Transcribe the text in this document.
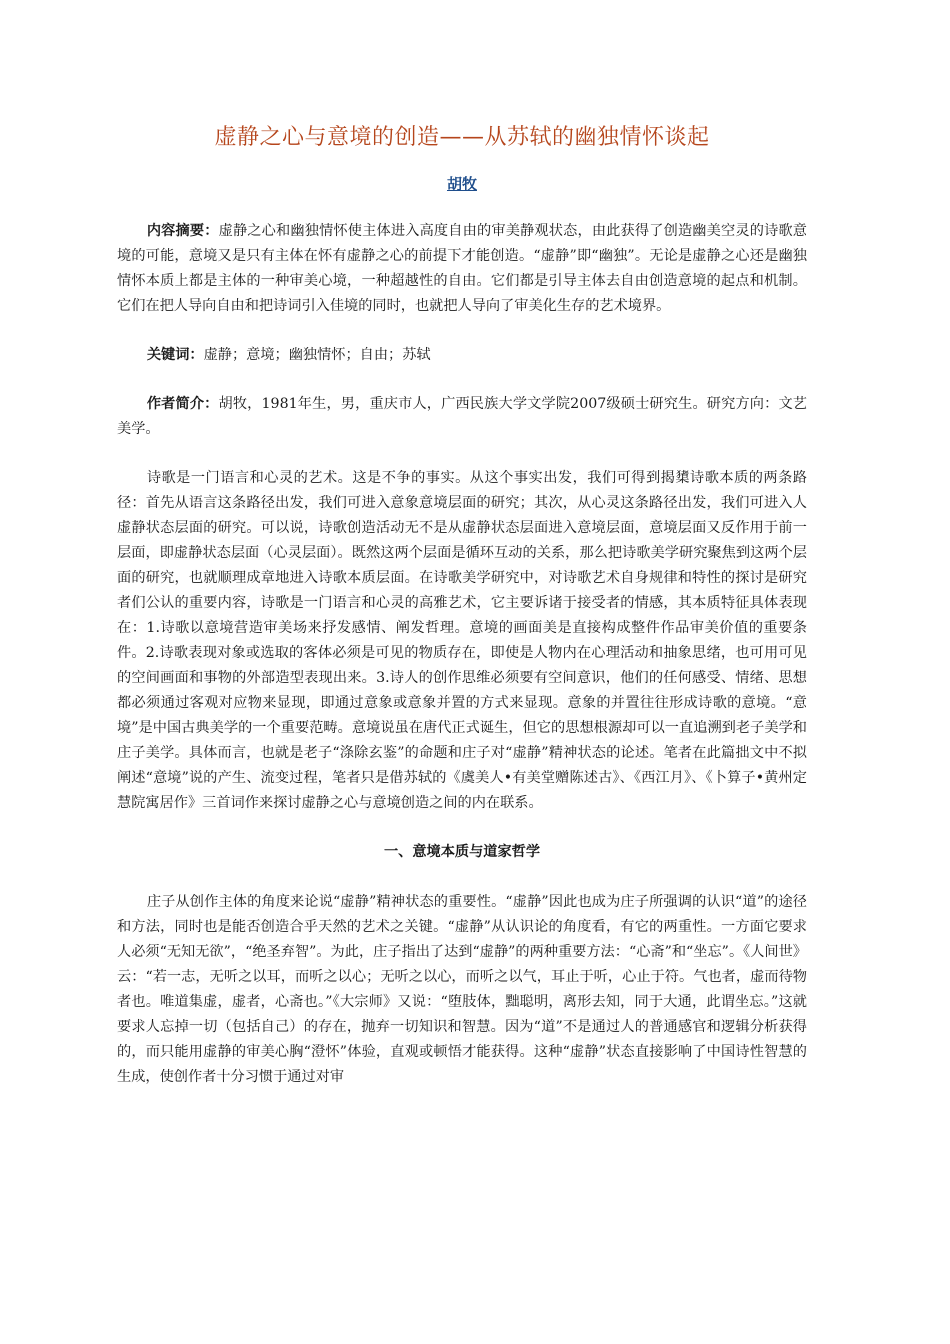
虚静之心与意境的创造——从苏轼的幽独情怀谈起
胡牧

内容摘要：虚静之心和幽独情怀使主体进入高度自由的审美静观状态，由此获得了创造幽美空灵的诗歌意境的可能，意境又是只有主体在怀有虚静之心的前提下才能创造。“虚静”即“幽独”。无论是虚静之心还是幽独情怀本质上都是主体的一种审美心境，一种超越性的自由。它们都是引导主体去自由创造意境的起点和机制。它们在把人导向自由和把诗词引入佳境的同时，也就把人导向了审美化生存的艺术境界。

关键词：虚静；意境；幽独情怀；自由；苏轼

作者简介：胡牧，1981年生，男，重庆市人，广西民族大学文学院2007级硕士研究生。研究方向：文艺美学。

诗歌是一门语言和心灵的艺术。这是不争的事实。从这个事实出发，我们可得到揭橥诗歌本质的两条路径：首先从语言这条路径出发，我们可进入意象意境层面的研究；其次，从心灵这条路径出发，我们可进入人虚静状态层面的研究。可以说，诗歌创造活动无不是从虚静状态层面进入意境层面，意境层面又反作用于前一层面，即虚静状态层面（心灵层面）。既然这两个层面是循环互动的关系，那么把诗歌美学研究聚焦到这两个层面的研究，也就顺理成章地进入诗歌本质层面。在诗歌美学研究中，对诗歌艺术自身规律和特性的探讨是研究者们公认的重要内容，诗歌是一门语言和心灵的高雅艺术，它主要诉诸于接受者的情感，其本质特征具体表现在：1.诗歌以意境营造审美场来抒发感情、阐发哲理。意境的画面美是直接构成整件作品审美价值的重要条件。2.诗歌表现对象或选取的客体必须是可见的物质存在，即使是人物内在心理活动和抽象思绪，也可用可见的空间画面和事物的外部造型表现出来。3.诗人的创作思维必须要有空间意识，他们的任何感受、情绪、思想都必须通过客观对应物来显现，即通过意象或意象并置的方式来显现。意象的并置往往形成诗歌的意境。“意境”是中国古典美学的一个重要范畴。意境说虽在唐代正式诞生，但它的思想根源却可以一直追溯到老子美学和庄子美学。具体而言，也就是老子“涤除玄鉴”的命题和庄子对“虚静”精神状态的论述。笔者在此篇拙文中不拟阐述“意境”说的产生、流变过程，笔者只是借苏轼的《虞美人•有美堂赠陈述古》、《西江月》、《卜算子•黄州定慧院寓居作》三首词作来探讨虚静之心与意境创造之间的内在联系。

一、意境本质与道家哲学

庄子从创作主体的角度来论说“虚静”精神状态的重要性。“虚静”因此也成为庄子所强调的认识“道”的途径和方法，同时也是能否创造合乎天然的艺术之关键。“虚静”从认识论的角度看，有它的两重性。一方面它要求人必须“无知无欲”，“绝圣弃智”。为此，庄子指出了达到“虚静”的两种重要方法：“心斋”和“坐忘”。《人间世》云：“若一志，无听之以耳，而听之以心；无听之以心，而听之以气，耳止于听，心止于符。气也者，虚而待物者也。唯道集虚，虚者，心斋也。”《大宗师》又说：“堕肢体，黜聪明，离形去知，同于大通，此谓坐忘。”这就要求人忘掉一切（包括自己）的存在，抛弃一切知识和智慧。因为“道”不是通过人的普通感官和逻辑分析获得的，而只能用虚静的审美心胸“澄怀”体验，直观或顿悟才能获得。这种“虚静”状态直接影响了中国诗性智慧的生成，使创作者十分习惯于通过对审
